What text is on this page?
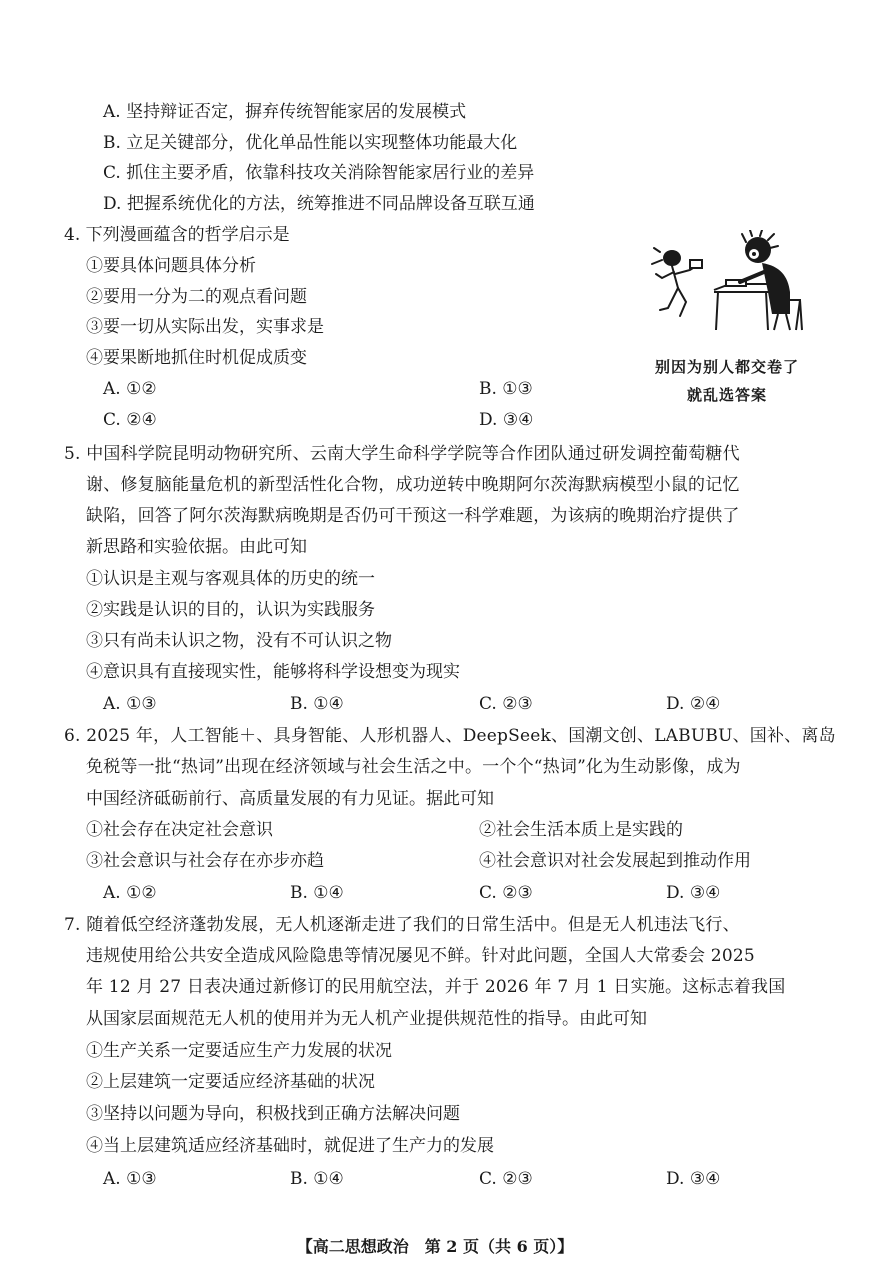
A. 坚持辩证否定，摒弃传统智能家居的发展模式
B. 立足关键部分，优化单品性能以实现整体功能最大化
C. 抓住主要矛盾，依靠科技攻关消除智能家居行业的差异
D. 把握系统优化的方法，统筹推进不同品牌设备互联互通
4. 下列漫画蕴含的哲学启示是
①要具体问题具体分析
②要用一分为二的观点看问题
③要一切从实际出发，实事求是
④要果断地抓住时机促成质变
A. ①②	B. ①③
C. ②④	D. ③④
别因为别人都交卷了
就乱选答案
5. 中国科学院昆明动物研究所、云南大学生命科学学院等合作团队通过研发调控葡萄糖代
谢、修复脑能量危机的新型活性化合物，成功逆转中晚期阿尔茨海默病模型小鼠的记忆
缺陷，回答了阿尔茨海默病晚期是否仍可干预这一科学难题，为该病的晚期治疗提供了
新思路和实验依据。由此可知
①认识是主观与客观具体的历史的统一
②实践是认识的目的，认识为实践服务
③只有尚未认识之物，没有不可认识之物
④意识具有直接现实性，能够将科学设想变为现实
A. ①③	B. ①④	C. ②③	D. ②④
6. 2025 年，人工智能＋、具身智能、人形机器人、DeepSeek、国潮文创、LABUBU、国补、离岛
免税等一批“热词”出现在经济领域与社会生活之中。一个个“热词”化为生动影像，成为
中国经济砥砺前行、高质量发展的有力见证。据此可知
①社会存在决定社会意识	②社会生活本质上是实践的
③社会意识与社会存在亦步亦趋	④社会意识对社会发展起到推动作用
A. ①②	B. ①④	C. ②③	D. ③④
7. 随着低空经济蓬勃发展，无人机逐渐走进了我们的日常生活中。但是无人机违法飞行、
违规使用给公共安全造成风险隐患等情况屡见不鲜。针对此问题，全国人大常委会 2025
年 12 月 27 日表决通过新修订的民用航空法，并于 2026 年 7 月 1 日实施。这标志着我国
从国家层面规范无人机的使用并为无人机产业提供规范性的指导。由此可知
①生产关系一定要适应生产力发展的状况
②上层建筑一定要适应经济基础的状况
③坚持以问题为导向，积极找到正确方法解决问题
④当上层建筑适应经济基础时，就促进了生产力的发展
A. ①③	B. ①④	C. ②③	D. ③④
【高二思想政治　第 2 页（共 6 页）】
